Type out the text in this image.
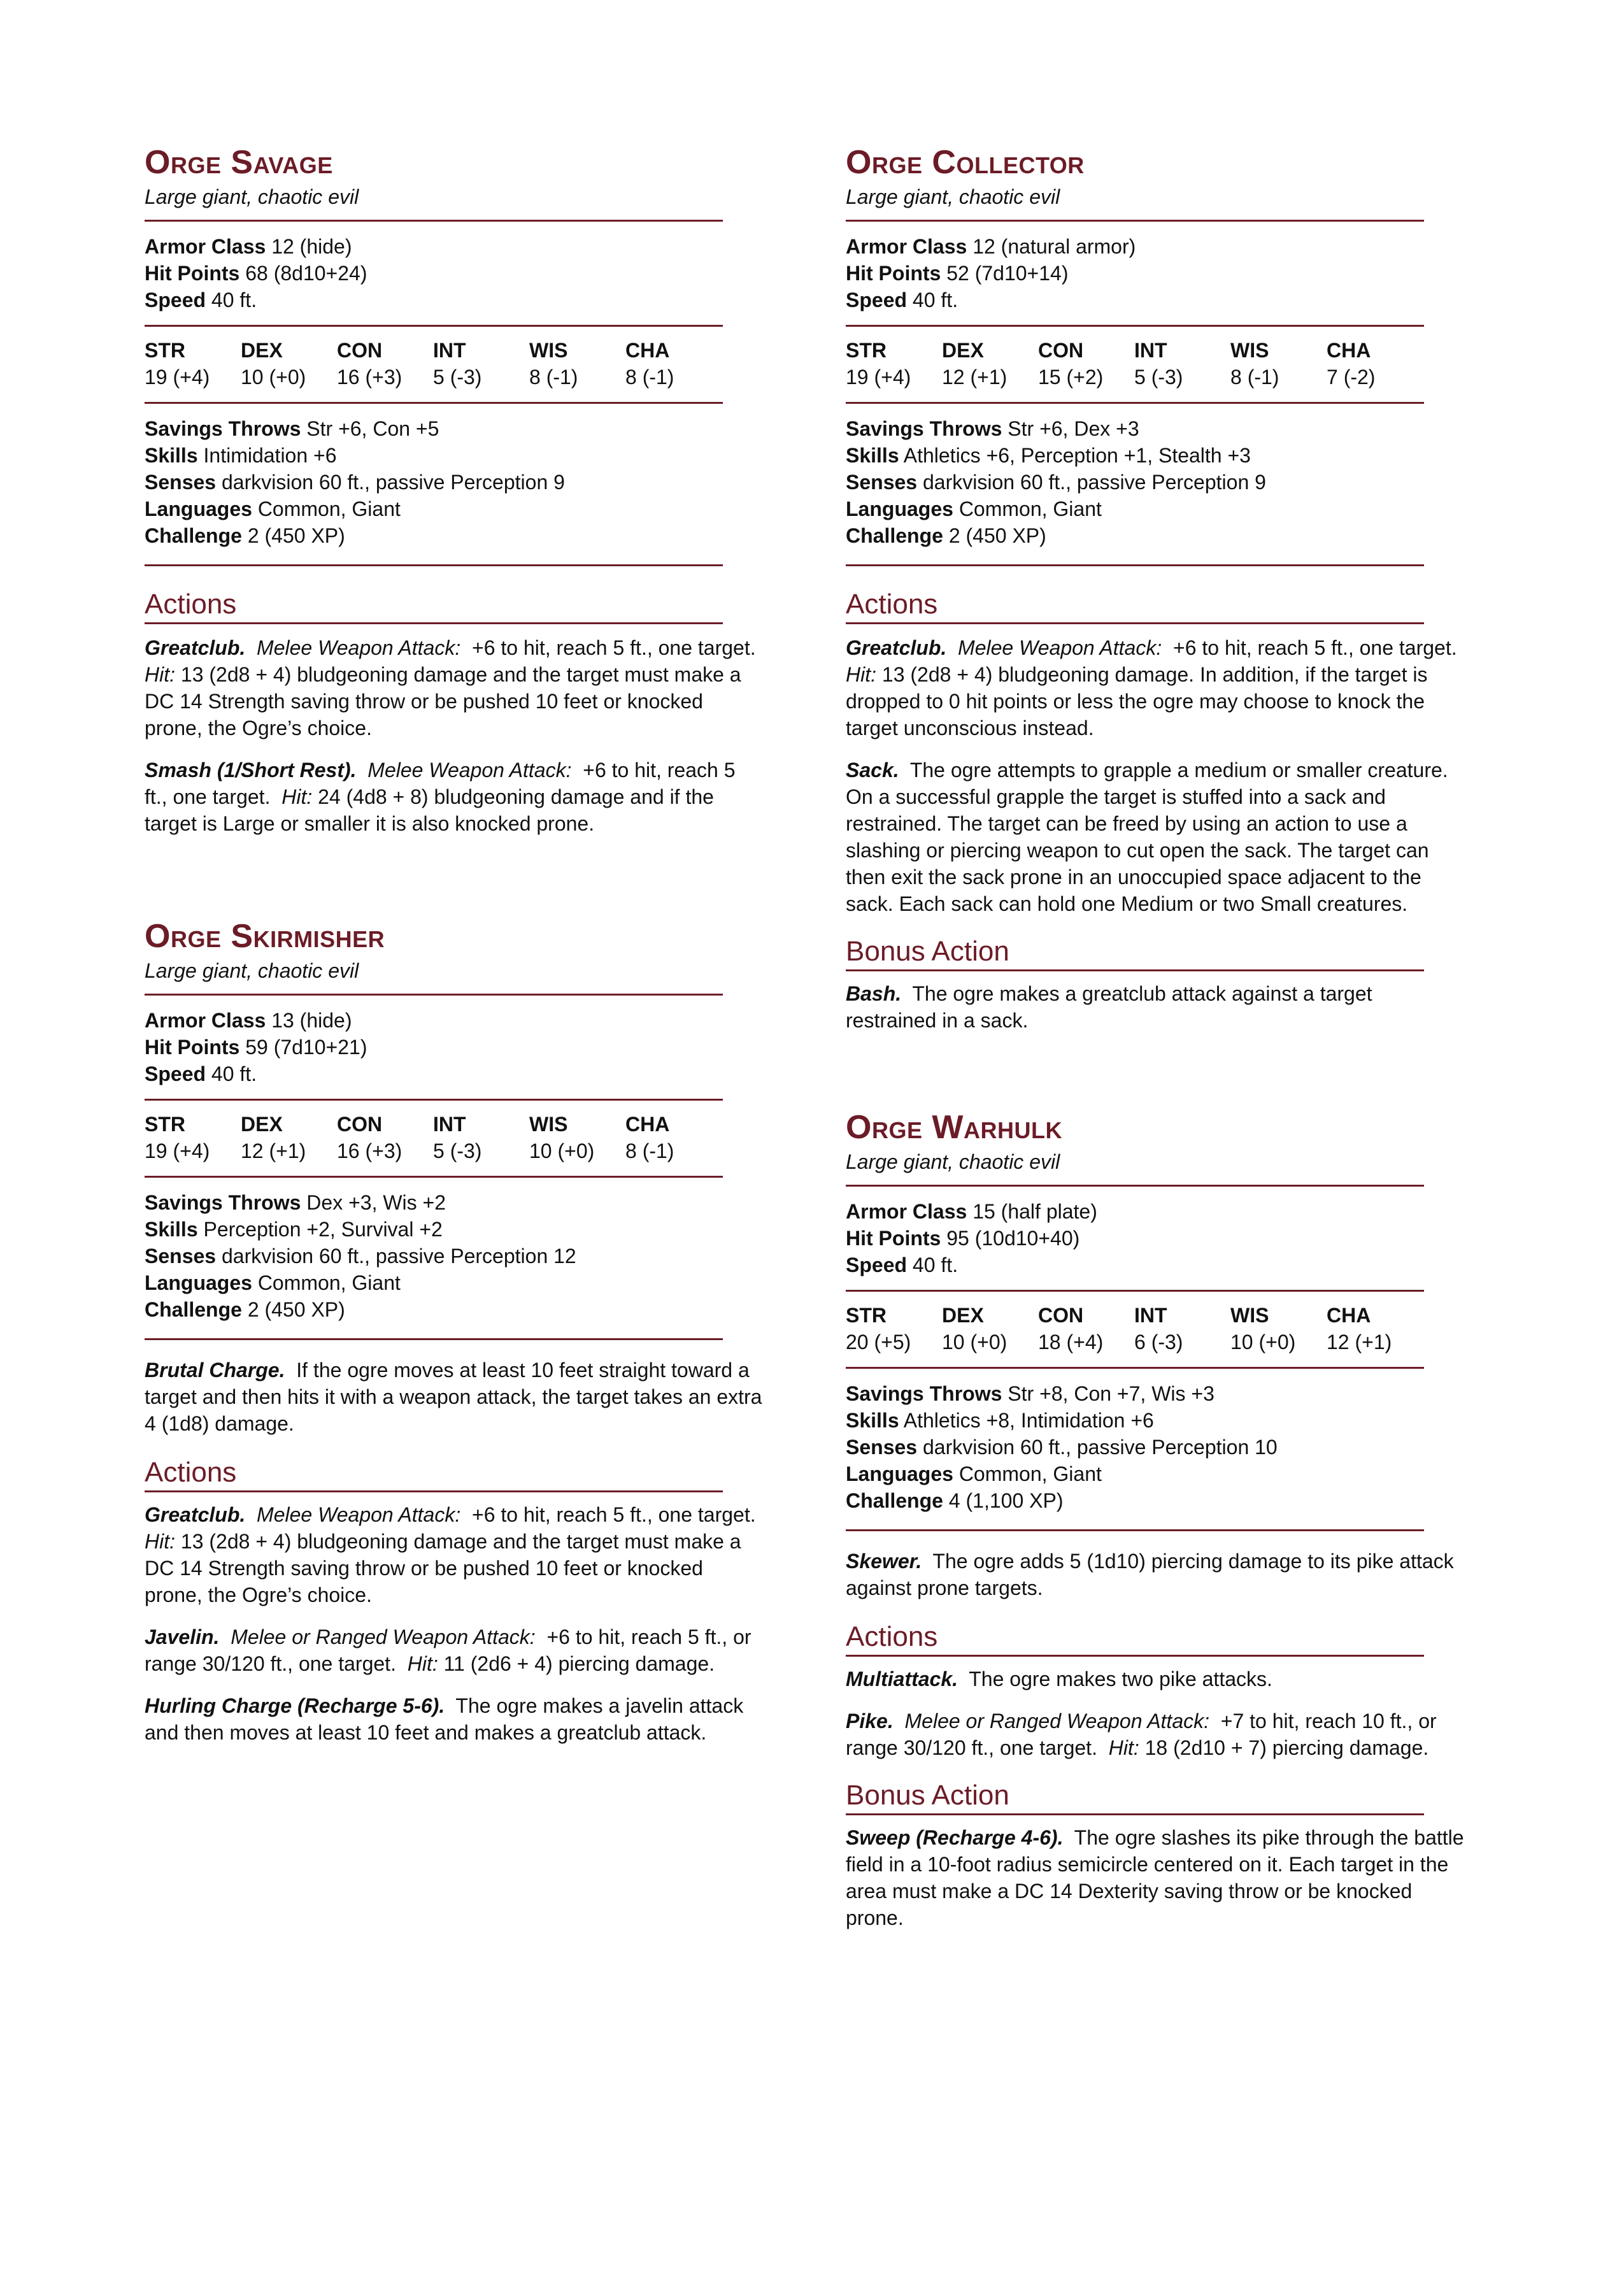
Orge Savage
Large giant, chaotic evil
Armor Class 12 (hide)
Hit Points 68 (8d10+24)
Speed 40 ft.
STR	DEX	CON	INT	WIS	CHA
19 (+4)	10 (+0)	16 (+3)	5 (-3)	8 (-1)	8 (-1)
Savings Throws Str +6, Con +5
Skills Intimidation +6
Senses darkvision 60 ft., passive Perception 9
Languages Common, Giant
Challenge 2 (450 XP)
Actions
Greatclub. Melee Weapon Attack: +6 to hit, reach 5 ft., one target.
Hit: 13 (2d8 + 4) bludgeoning damage and the target must make a
DC 14 Strength saving throw or be pushed 10 feet or knocked
prone, the Ogre’s choice.
Smash (1/Short Rest). Melee Weapon Attack: +6 to hit, reach 5
ft., one target. Hit: 24 (4d8 + 8) bludgeoning damage and if the
target is Large or smaller it is also knocked prone.
Orge Skirmisher
Large giant, chaotic evil
Armor Class 13 (hide)
Hit Points 59 (7d10+21)
Speed 40 ft.
STR	DEX	CON	INT	WIS	CHA
19 (+4)	12 (+1)	16 (+3)	5 (-3)	10 (+0)	8 (-1)
Savings Throws Dex +3, Wis +2
Skills Perception +2, Survival +2
Senses darkvision 60 ft., passive Perception 12
Languages Common, Giant
Challenge 2 (450 XP)
Brutal Charge. If the ogre moves at least 10 feet straight toward a
target and then hits it with a weapon attack, the target takes an extra
4 (1d8) damage.
Actions
Greatclub. Melee Weapon Attack: +6 to hit, reach 5 ft., one target.
Hit: 13 (2d8 + 4) bludgeoning damage and the target must make a
DC 14 Strength saving throw or be pushed 10 feet or knocked
prone, the Ogre’s choice.
Javelin. Melee or Ranged Weapon Attack: +6 to hit, reach 5 ft., or
range 30/120 ft., one target. Hit: 11 (2d6 + 4) piercing damage.
Hurling Charge (Recharge 5-6). The ogre makes a javelin attack
and then moves at least 10 feet and makes a greatclub attack.
Orge Collector
Large giant, chaotic evil
Armor Class 12 (natural armor)
Hit Points 52 (7d10+14)
Speed 40 ft.
STR	DEX	CON	INT	WIS	CHA
19 (+4)	12 (+1)	15 (+2)	5 (-3)	8 (-1)	7 (-2)
Savings Throws Str +6, Dex +3
Skills Athletics +6, Perception +1, Stealth +3
Senses darkvision 60 ft., passive Perception 9
Languages Common, Giant
Challenge 2 (450 XP)
Actions
Greatclub. Melee Weapon Attack: +6 to hit, reach 5 ft., one target.
Hit: 13 (2d8 + 4) bludgeoning damage. In addition, if the target is
dropped to 0 hit points or less the ogre may choose to knock the
target unconscious instead.
Sack. The ogre attempts to grapple a medium or smaller creature.
On a successful grapple the target is stuffed into a sack and
restrained. The target can be freed by using an action to use a
slashing or piercing weapon to cut open the sack. The target can
then exit the sack prone in an unoccupied space adjacent to the
sack. Each sack can hold one Medium or two Small creatures.
Bonus Action
Bash. The ogre makes a greatclub attack against a target
restrained in a sack.
Orge Warhulk
Large giant, chaotic evil
Armor Class 15 (half plate)
Hit Points 95 (10d10+40)
Speed 40 ft.
STR	DEX	CON	INT	WIS	CHA
20 (+5)	10 (+0)	18 (+4)	6 (-3)	10 (+0)	12 (+1)
Savings Throws Str +8, Con +7, Wis +3
Skills Athletics +8, Intimidation +6
Senses darkvision 60 ft., passive Perception 10
Languages Common, Giant
Challenge 4 (1,100 XP)
Skewer. The ogre adds 5 (1d10) piercing damage to its pike attack
against prone targets.
Actions
Multiattack. The ogre makes two pike attacks.
Pike. Melee or Ranged Weapon Attack: +7 to hit, reach 10 ft., or
range 30/120 ft., one target. Hit: 18 (2d10 + 7) piercing damage.
Bonus Action
Sweep (Recharge 4-6). The ogre slashes its pike through the battle
field in a 10-foot radius semicircle centered on it. Each target in the
area must make a DC 14 Dexterity saving throw or be knocked
prone.
